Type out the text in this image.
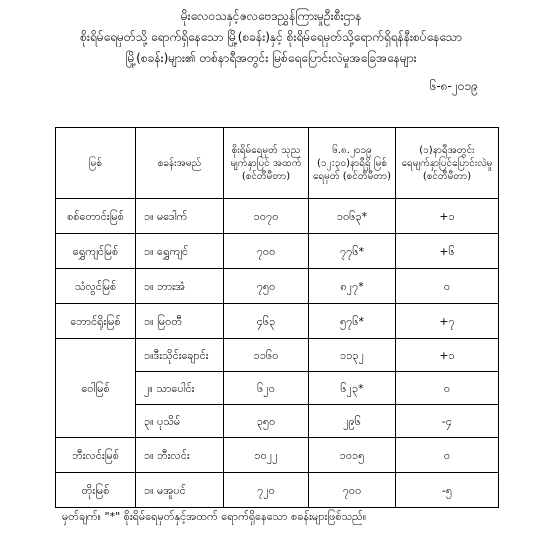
မိုးလေဝသနှင့်ဇလဗေဒညွှန်ကြားမှုဦးစီးဌာန
စိုးရိမ်ရေမှတ်သို့ ရောက်ရှိနေသော မြို့(စခန်း)နှင့် စိုးရိမ်ရေမှတ်သို့ရောက်ရှိရန်နီးစပ်နေသော
မြို့(စခန်း)များ၏ တစ်နာရီအတွင်း မြစ်ရေပြောင်းလဲမှုအခြေအနေများ
၆-၈-၂၀၁၉
မြစ်	စခန်းအမည်	စိုးရိမ်ရေမှတ် သုညမျက်နှာပြင် အထက် (စင်တီမီတာ)	၆.၈.၂၀၁၉ (၁၂:၃၀)နာရီရှိ မြစ်ရေမှတ် (စင်တီမီတာ)	(၁)နာရီအတွင်း ရေမျက်နှာပြင်ပြောင်းလဲမှု (စင်တီမီတာ)
စစ်တောင်းမြစ်	၁။ မဒေါက်	၁၀၇၀	၁၀၆၃*	+၁
ရွှေကျင်မြစ်	၁။ ရွှေကျင်	၇၀၀	၇၇၆*	+၆
သံလွင်မြစ်	၁။ ဘားအံ	၇၅၀	၈၂၇*	၀
ဘောင်ရိုးမြစ်	၁။ မြဝတီ	၄၆၃	၅၇၆*	+၇
ဝေါမြစ်	၁။ဒီးသိုင်းချောင်း	၁၁၆၀	၁၁၃၂	+၁
	၂။ သာပေါင်း	၆၂၀	၆၂၃*	၀
	၃။ ပုသိမ်	၃၅၀	၂၉၆	-၄
ဘီးလင်းမြစ်	၁။ ဘီးလင်း	၁၀၂၂	၁၀၁၅	၀
တိုးမြစ်	၁။ မအူပင်	၇၂၀	၇၀၀	-၅
မှတ်ချက်။ "*" စိုးရိမ်ရေမှတ်နှင့်အထက် ရောက်ရှိနေသော စခန်းများဖြစ်သည်။
